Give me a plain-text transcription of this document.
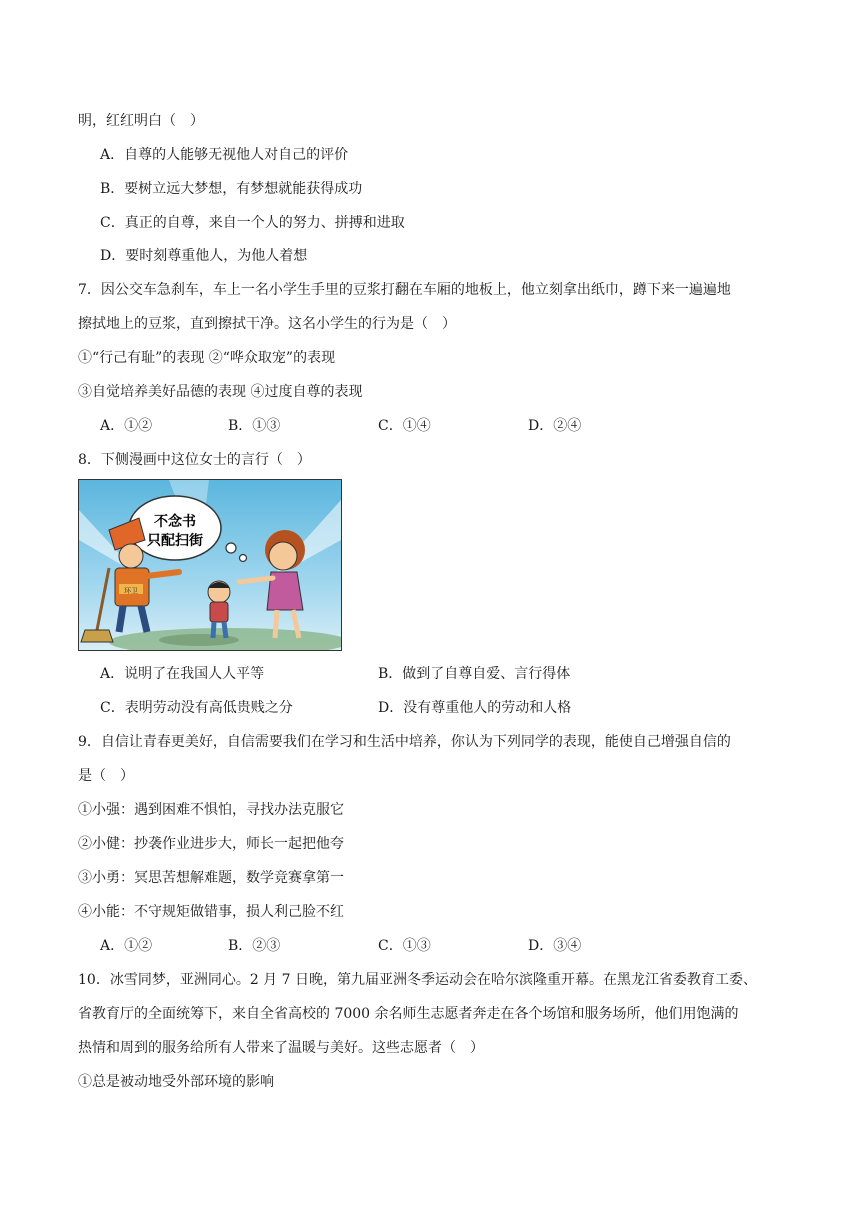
明，红红明白（　）
A．自尊的人能够无视他人对自己的评价
B．要树立远大梦想，有梦想就能获得成功
C．真正的自尊，来自一个人的努力、拼搏和进取
D．要时刻尊重他人，为他人着想
7．因公交车急刹车，车上一名小学生手里的豆浆打翻在车厢的地板上，他立刻拿出纸巾，蹲下来一遍遍地
擦拭地上的豆浆，直到擦拭干净。这名小学生的行为是（　）
①“行己有耻”的表现 ②“哗众取宠”的表现
③自觉培养美好品德的表现 ④过度自尊的表现
A．①②	B．①③	C．①④	D．②④
8．下侧漫画中这位女士的言行（　）
不念书
只配扫街
环卫
A．说明了在我国人人平等	B．做到了自尊自爱、言行得体
C．表明劳动没有高低贵贱之分	D．没有尊重他人的劳动和人格
9．自信让青春更美好，自信需要我们在学习和生活中培养，你认为下列同学的表现，能使自己增强自信的
是（　）
①小强：遇到困难不惧怕，寻找办法克服它
②小健：抄袭作业进步大，师长一起把他夸
③小勇：冥思苦想解难题，数学竞赛拿第一
④小能：不守规矩做错事，损人利己脸不红
A．①②	B．②③	C．①③	D．③④
10．冰雪同梦，亚洲同心。2 月 7 日晚，第九届亚洲冬季运动会在哈尔滨隆重开幕。在黑龙江省委教育工委、
省教育厅的全面统筹下，来自全省高校的 7000 余名师生志愿者奔走在各个场馆和服务场所，他们用饱满的
热情和周到的服务给所有人带来了温暖与美好。这些志愿者（　）
①总是被动地受外部环境的影响
